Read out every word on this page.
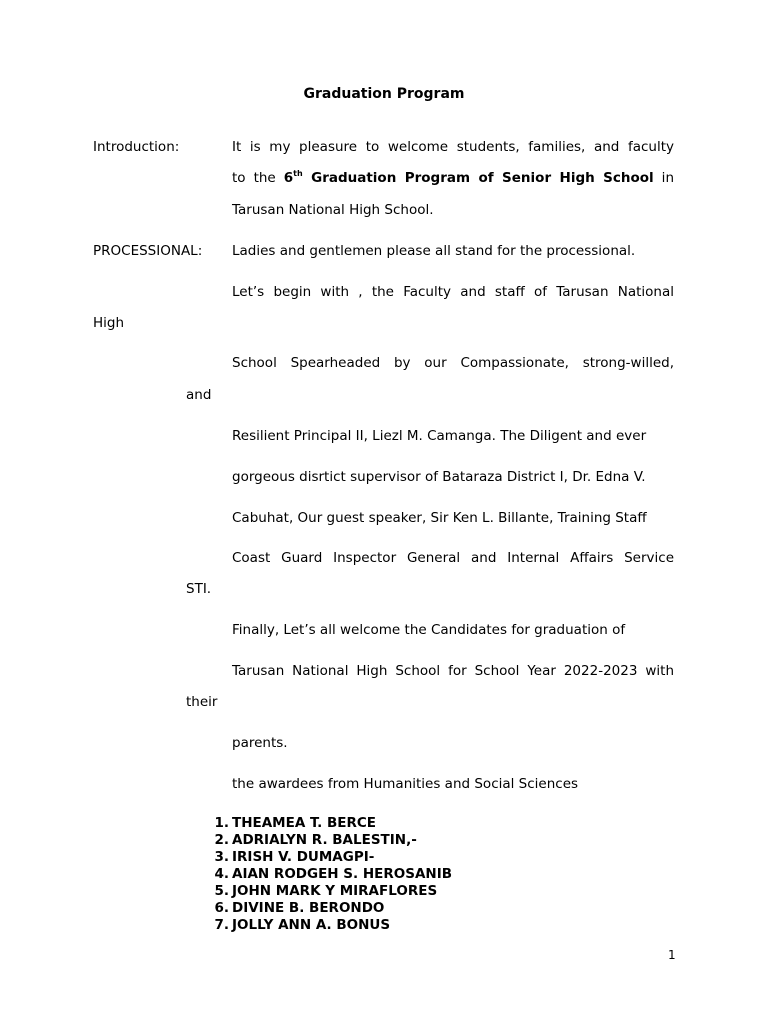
Graduation Program
Introduction:	It is my pleasure to welcome students, families, and faculty
to the 6th Graduation Program of Senior High School in
Tarusan National High School.
PROCESSIONAL: Ladies and gentlemen please all stand for the processional.
Let’s begin with , the Faculty and staff of Tarusan National
High
School Spearheaded by our Compassionate, strong-willed,
and
Resilient Principal II, Liezl M. Camanga. The Diligent and ever
gorgeous disrtict supervisor of Bataraza District I, Dr. Edna V.
Cabuhat, Our guest speaker, Sir Ken L. Billante, Training Staff
Coast Guard Inspector General and Internal Affairs Service
STI.
Finally, Let’s all welcome the Candidates for graduation of
Tarusan National High School for School Year 2022-2023 with
their
parents.
the awardees from Humanities and Social Sciences
1. THEAMEA T. BERCE
2. ADRIALYN R. BALESTIN,-
3. IRISH V. DUMAGPI-
4. AIAN RODGEH S. HEROSANIB
5. JOHN MARK Y MIRAFLORES
6. DIVINE B. BERONDO
7. JOLLY ANN A. BONUS
1
